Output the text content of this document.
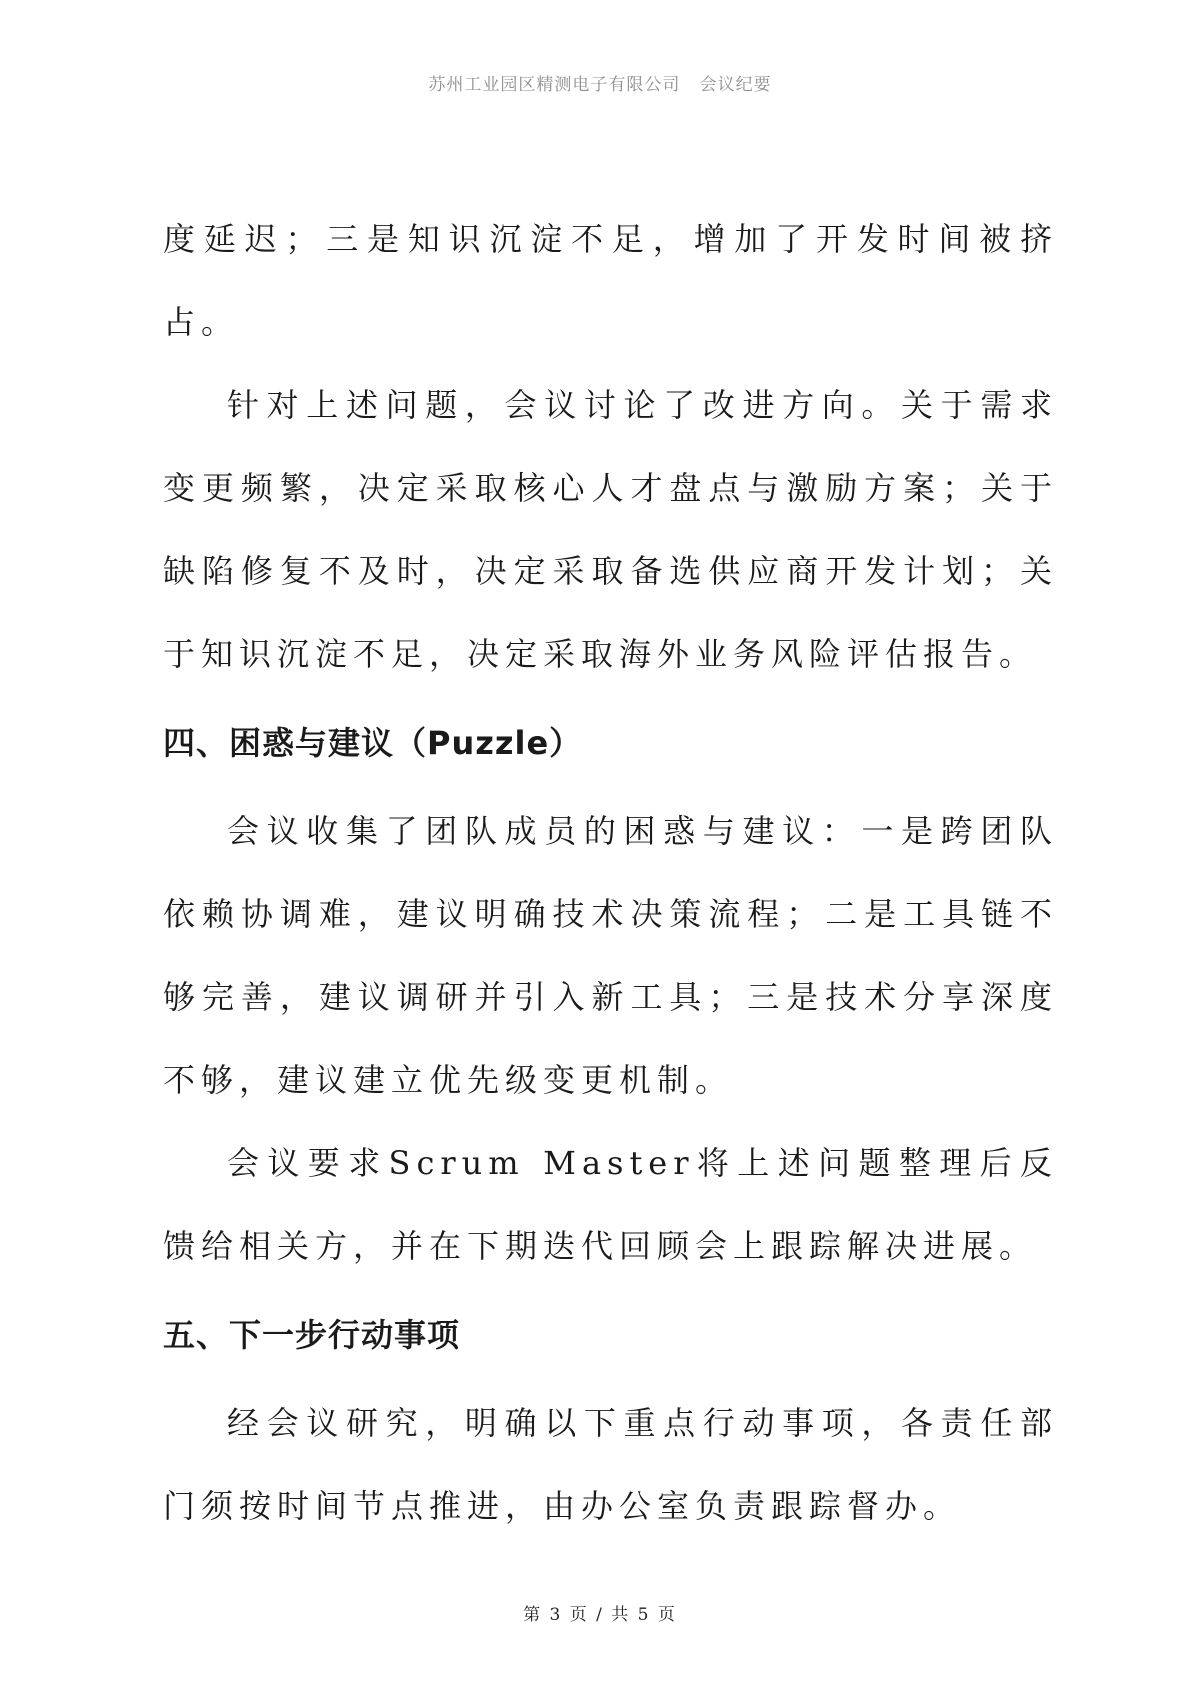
苏州工业园区精测电子有限公司   会议纪要

度延迟；三是知识沉淀不足，增加了开发时间被挤占。

针对上述问题，会议讨论了改进方向。关于需求变更频繁，决定采取核心人才盘点与激励方案；关于缺陷修复不及时，决定采取备选供应商开发计划；关于知识沉淀不足，决定采取海外业务风险评估报告。

四、困惑与建议（Puzzle）

会议收集了团队成员的困惑与建议：一是跨团队依赖协调难，建议明确技术决策流程；二是工具链不够完善，建议调研并引入新工具；三是技术分享深度不够，建议建立优先级变更机制。

会议要求Scrum Master将上述问题整理后反馈给相关方，并在下期迭代回顾会上跟踪解决进展。

五、下一步行动事项

经会议研究，明确以下重点行动事项，各责任部门须按时间节点推进，由办公室负责跟踪督办。

第 3 页 / 共 5 页
